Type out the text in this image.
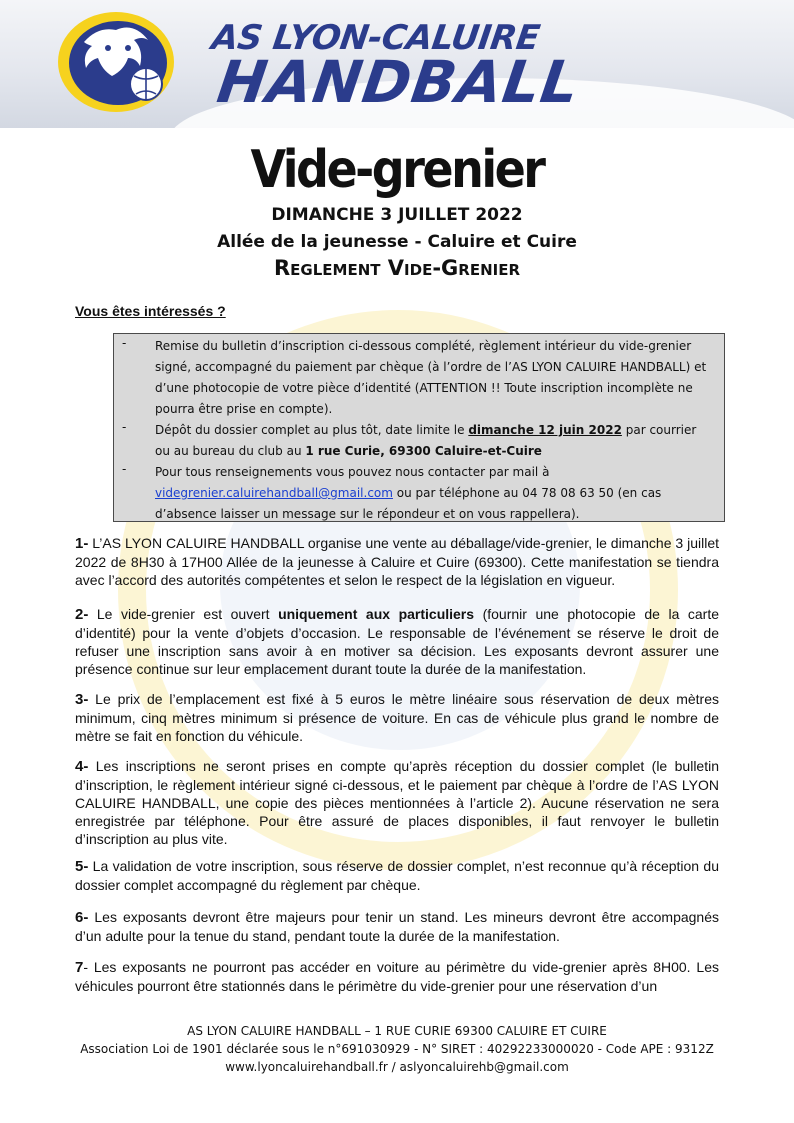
AS LYON-CALUIRE
HANDBALL
Vide-grenier
DIMANCHE 3 JUILLET 2022
Allée de la jeunesse - Caluire et Cuire
Reglement Vide-Grenier
Vous êtes intéressés ?
- Remise du bulletin d’inscription ci-dessous complété, règlement intérieur du vide-grenier signé, accompagné du paiement par chèque (à l’ordre de l’AS LYON CALUIRE HANDBALL) et d’une photocopie de votre pièce d’identité (ATTENTION !! Toute inscription incomplète ne pourra être prise en compte).
- Dépôt du dossier complet au plus tôt, date limite le dimanche 12 juin 2022 par courrier ou au bureau du club au 1 rue Curie, 69300 Caluire-et-Cuire
- Pour tous renseignements vous pouvez nous contacter par mail à videgrenier.caluirehandball@gmail.com ou par téléphone au 04 78 08 63 50 (en cas d’absence laisser un message sur le répondeur et on vous rappellera).
1- L’AS LYON CALUIRE HANDBALL organise une vente au déballage/vide-grenier, le dimanche 3 juillet 2022 de 8H30 à 17H00 Allée de la jeunesse à Caluire et Cuire (69300). Cette manifestation se tiendra avec l’accord des autorités compétentes et selon le respect de la législation en vigueur.
2- Le vide-grenier est ouvert uniquement aux particuliers (fournir une photocopie de la carte d’identité) pour la vente d’objets d’occasion. Le responsable de l’événement se réserve le droit de refuser une inscription sans avoir à en motiver sa décision. Les exposants devront assurer une présence continue sur leur emplacement durant toute la durée de la manifestation.
3- Le prix de l’emplacement est fixé à 5 euros le mètre linéaire sous réservation de deux mètres minimum, cinq mètres minimum si présence de voiture. En cas de véhicule plus grand le nombre de mètre se fait en fonction du véhicule.
4- Les inscriptions ne seront prises en compte qu’après réception du dossier complet (le bulletin d’inscription, le règlement intérieur signé ci-dessous, et le paiement par chèque à l’ordre de l’AS LYON CALUIRE HANDBALL, une copie des pièces mentionnées à l’article 2). Aucune réservation ne sera enregistrée par téléphone. Pour être assuré de places disponibles, il faut renvoyer le bulletin d’inscription au plus vite.
5- La validation de votre inscription, sous réserve de dossier complet, n’est reconnue qu’à réception du dossier complet accompagné du règlement par chèque.
6- Les exposants devront être majeurs pour tenir un stand. Les mineurs devront être accompagnés d’un adulte pour la tenue du stand, pendant toute la durée de la manifestation.
7- Les exposants ne pourront pas accéder en voiture au périmètre du vide-grenier après 8H00. Les véhicules pourront être stationnés dans le périmètre du vide-grenier pour une réservation d’un
AS LYON CALUIRE HANDBALL – 1 RUE CURIE 69300 CALUIRE ET CUIRE
Association Loi de 1901 déclarée sous le n°691030929 - N° SIRET : 40292233000020 - Code APE : 9312Z
www.lyoncaluirehandball.fr / aslyoncaluirehb@gmail.com
